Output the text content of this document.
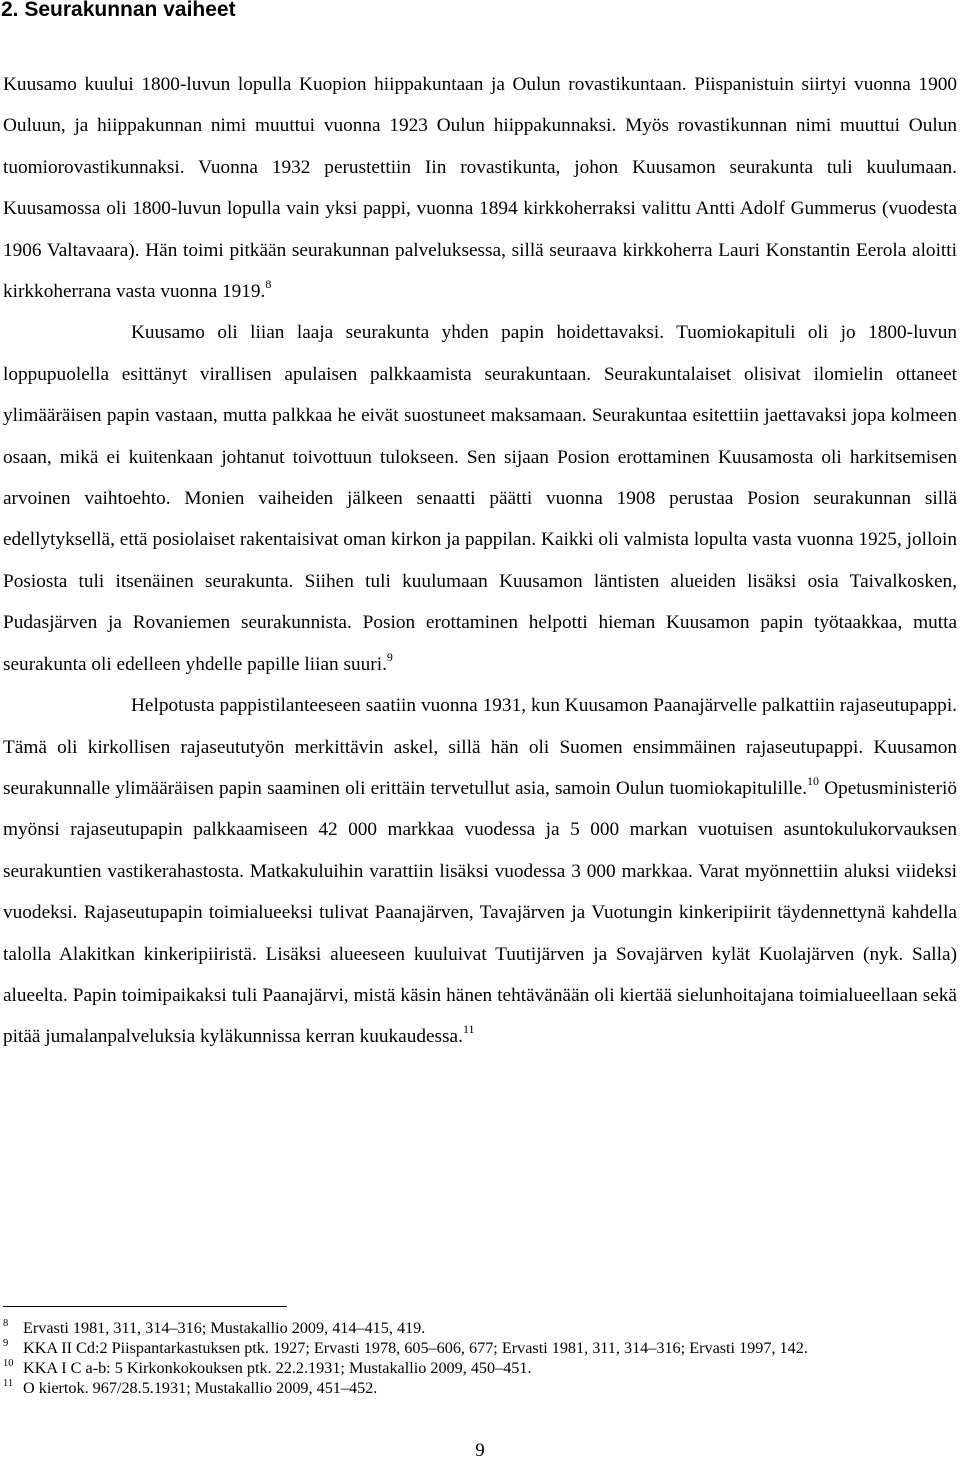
2. Seurakunnan vaiheet

Kuusamo kuului 1800-luvun lopulla Kuopion hiippakuntaan ja Oulun rovastikuntaan. Piispanistuin siirtyi vuonna 1900 Ouluun, ja hiippakunnan nimi muuttui vuonna 1923 Oulun hiippakunnaksi. Myös rovastikunnan nimi muuttui Oulun tuomiorovastikunnaksi. Vuonna 1932 perustettiin Iin rovastikunta, johon Kuusamon seurakunta tuli kuulumaan. Kuusamossa oli 1800-luvun lopulla vain yksi pappi, vuonna 1894 kirkkoherraksi valittu Antti Adolf Gummerus (vuodesta 1906 Valtavaara). Hän toimi pitkään seurakunnan palveluksessa, sillä seuraava kirkkoherra Lauri Konstantin Eerola aloitti kirkkoherrana vasta vuonna 1919.$^8$

Kuusamo oli liian laaja seurakunta yhden papin hoidettavaksi. Tuomiokapituli oli jo 1800-luvun loppupuolella esittänyt virallisen apulaisen palkkaamista seurakuntaan. Seurakuntalaiset olisivat ilomielin ottaneet ylimääräisen papin vastaan, mutta palkkaa he eivät suostuneet maksamaan. Seurakuntaa esitettiin jaettavaksi jopa kolmeen osaan, mikä ei kuitenkaan johtanut toivottuun tulokseen. Sen sijaan Posion erottaminen Kuusamosta oli harkitsemisen arvoinen vaihtoehto. Monien vaiheiden jälkeen senaatti päätti vuonna 1908 perustaa Posion seurakunnan sillä edellytyksellä, että posiolaiset rakentaisivat oman kirkon ja pappilan. Kaikki oli valmista lopulta vasta vuonna 1925, jolloin Posiosta tuli itsenäinen seurakunta. Siihen tuli kuulumaan Kuusamon läntisten alueiden lisäksi osia Taivalkosken, Pudasjärven ja Rovaniemen seurakunnista. Posion erottaminen helpotti hieman Kuusamon papin työtaakkaa, mutta seurakunta oli edelleen yhdelle papille liian suuri.$^9$

Helpotusta pappistilanteeseen saatiin vuonna 1931, kun Kuusamon Paanajärvelle palkattiin rajaseutupappi. Tämä oli kirkollisen rajaseututyön merkittävin askel, sillä hän oli Suomen ensimmäinen rajaseutupappi. Kuusamon seurakunnalle ylimääräisen papin saaminen oli erittäin tervetullut asia, samoin Oulun tuomiokapitulille.$^{10}$ Opetusministeriö myönsi rajaseutupapin palkkaamiseen 42 000 markkaa vuodessa ja 5 000 markan vuotuisen asuntokulukorvauksen seurakuntien vastikerahastosta. Matkakuluihin varattiin lisäksi vuodessa 3 000 markkaa. Varat myönnettiin aluksi viideksi vuodeksi. Rajaseutupapin toimialueeksi tulivat Paanajärven, Tavajärven ja Vuotungin kinkeripiirit täydennettynä kahdella talolla Alakitkan kinkeripiiristä. Lisäksi alueeseen kuuluivat Tuutijärven ja Sovajärven kylät Kuolajärven (nyk. Salla) alueelta. Papin toimipaikaksi tuli Paanajärvi, mistä käsin hänen tehtävänään oli kiertää sielunhoitajana toimialueellaan sekä pitää jumalanpalveluksia kyläkunnissa kerran kuukaudessa.$^{11}$

8 Ervasti 1981, 311, 314–316; Mustakallio 2009, 414–415, 419.
9 KKA II Cd:2 Piispantarkastuksen ptk. 1927; Ervasti 1978, 605–606, 677; Ervasti 1981, 311, 314–316; Ervasti 1997, 142.
10 KKA I C a-b: 5 Kirkonkokouksen ptk. 22.2.1931; Mustakallio 2009, 450–451.
11 O kiertok. 967/28.5.1931; Mustakallio 2009, 451–452.
9
